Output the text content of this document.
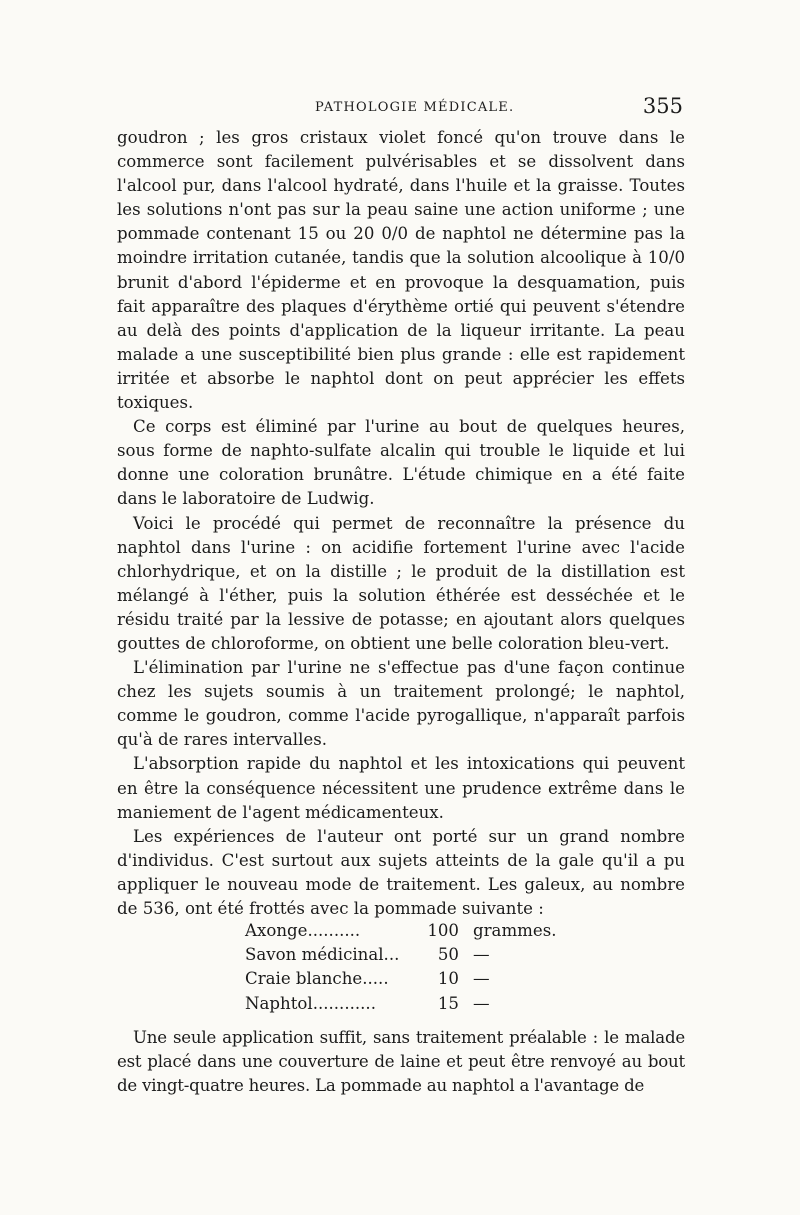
PATHOLOGIE MÉDICALE.	355

goudron ; les gros cristaux violet foncé qu'on trouve dans le commerce sont facilement pulvérisables et se dissolvent dans l'alcool pur, dans l'alcool hydraté, dans l'huile et la graisse. Toutes les solutions n'ont pas sur la peau saine une action uniforme ; une pommade contenant 15 ou 20 0/0 de naphtol ne détermine pas la moindre irritation cutanée, tandis que la solution alcoolique à 10/0 brunit d'abord l'épiderme et en provoque la desquamation, puis fait apparaître des plaques d'érythème ortié qui peuvent s'étendre au delà des points d'application de la liqueur irritante. La peau malade a une susceptibilité bien plus grande : elle est rapidement irritée et absorbe le naphtol dont on peut apprécier les effets toxiques.

Ce corps est éliminé par l'urine au bout de quelques heures, sous forme de naphto-sulfate alcalin qui trouble le liquide et lui donne une coloration brunâtre. L'étude chimique en a été faite dans le laboratoire de Ludwig.

Voici le procédé qui permet de reconnaître la présence du naphtol dans l'urine : on acidifie fortement l'urine avec l'acide chlorhydrique, et on la distille ; le produit de la distillation est mélangé à l'éther, puis la solution éthérée est desséchée et le résidu traité par la lessive de potasse; en ajoutant alors quelques gouttes de chloroforme, on obtient une belle coloration bleu-vert.

L'élimination par l'urine ne s'effectue pas d'une façon continue chez les sujets soumis à un traitement prolongé; le naphtol, comme le goudron, comme l'acide pyrogallique, n'apparaît parfois qu'à de rares intervalles.

L'absorption rapide du naphtol et les intoxications qui peuvent en être la conséquence nécessitent une prudence extrême dans le maniement de l'agent médicamenteux.

Les expériences de l'auteur ont porté sur un grand nombre d'individus. C'est surtout aux sujets atteints de la gale qu'il a pu appliquer le nouveau mode de traitement. Les galeux, au nombre de 536, ont été frottés avec la pommade suivante :

Axonge..........	100 grammes.
Savon médicinal...	50 —
Craie blanche.....	10 —
Naphtol............	15 —

Une seule application suffit, sans traitement préalable : le malade est placé dans une couverture de laine et peut être renvoyé au bout de vingt-quatre heures. La pommade au naphtol a l'avantage de
